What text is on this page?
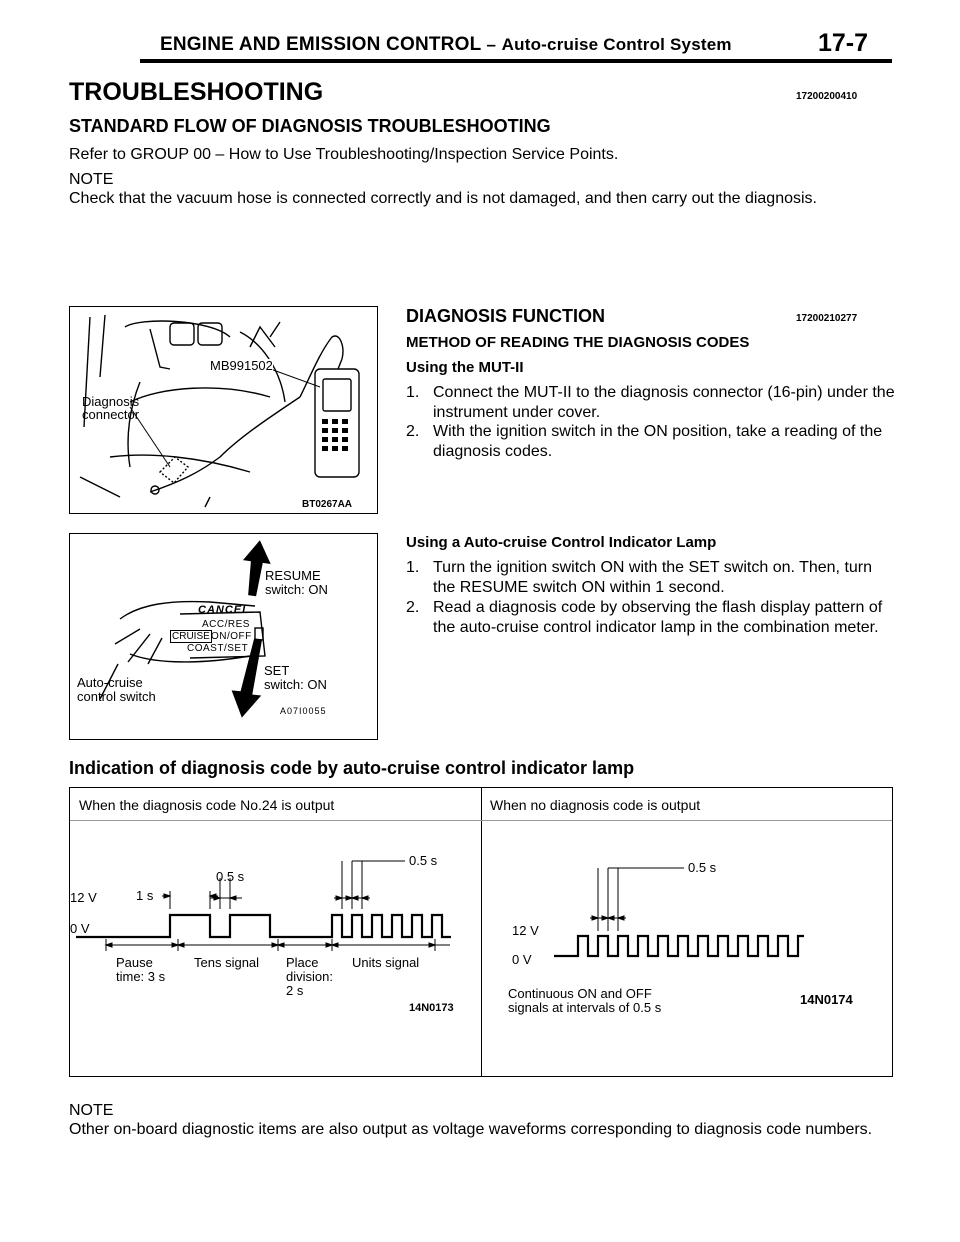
ENGINE AND EMISSION CONTROL – Auto-cruise Control System	17-7
TROUBLESHOOTING	17200200410
STANDARD FLOW OF DIAGNOSIS TROUBLESHOOTING
Refer to GROUP 00 – How to Use Troubleshooting/Inspection Service Points.
NOTE
Check that the vacuum hose is connected correctly and is not damaged, and then carry out the diagnosis.
MB991502
Diagnosis
connector
BT0267AA
DIAGNOSIS FUNCTION	17200210277
METHOD OF READING THE DIAGNOSIS CODES
Using the MUT-II
1. Connect the MUT-II to the diagnosis connector (16-pin) under the instrument under cover.
2. With the ignition switch in the ON position, take a reading of the diagnosis codes.
CANCEL
ACC/RES
CRUISE ON/OFF
COAST/SET
RESUME
switch: ON
SET
switch: ON
Auto-cruise
control switch
A07I0055
Using a Auto-cruise Control Indicator Lamp
1. Turn the ignition switch ON with the SET switch on. Then, turn the RESUME switch ON within 1 second.
2. Read a diagnosis code by observing the flash display pattern of the auto-cruise control indicator lamp in the combination meter.
Indication of diagnosis code by auto-cruise control indicator lamp
When the diagnosis code No.24 is output	When no diagnosis code is output
12 V
0 V
1 s
0.5 s
0.5 s
Pause
time: 3 s
Tens signal Place
division:
2 s
Units signal
14N0173
0.5 s
12 V
0 V
Continuous ON and OFF
signals at intervals of 0.5 s
14N0174
NOTE
Other on-board diagnostic items are also output as voltage waveforms corresponding to diagnosis code numbers.
